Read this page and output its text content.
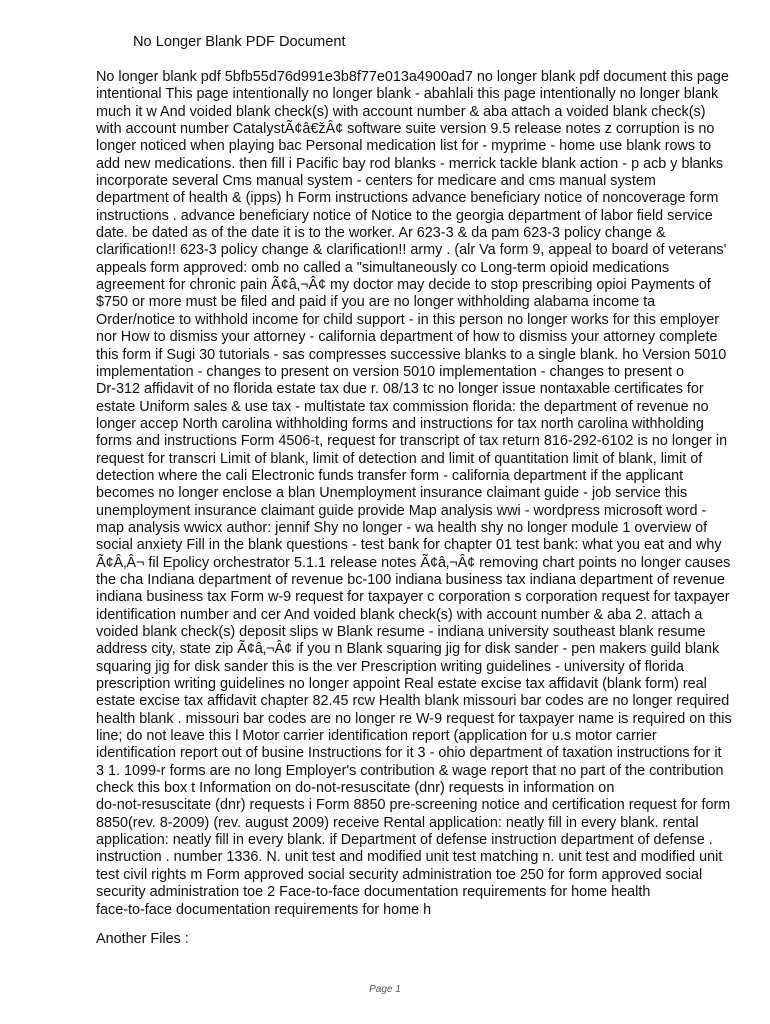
No Longer Blank PDF Document
No longer blank pdf 5bfb55d76d991e3b8f77e013a4900ad7 no longer blank pdf document this page
intentional This page intentionally no longer blank - abahlali this page intentionally no longer blank
much it w And voided blank check(s) with account number & aba attach a voided blank check(s)
with account number CatalystÃ¢â€žÂ¢ software suite version 9.5 release notes z corruption is no
longer noticed when playing bac Personal medication list for - myprime - home use blank rows to
add new medications. then fill i Pacific bay rod blanks - merrick tackle blank action - p acb y blanks
incorporate several Cms manual system - centers for medicare and cms manual system
department of health & (ipps) h Form instructions advance beneficiary notice of noncoverage form
instructions . advance beneficiary notice of Notice to the georgia department of labor field service
date. be dated as of the date it is to the worker. Ar 623-3 & da pam 623-3 policy change &
clarification!! 623-3 policy change & clarification!! army . (alr Va form 9, appeal to board of veterans'
appeals form approved: omb no called a "simultaneously co Long-term opioid medications
agreement for chronic pain Ã¢â‚¬Â¢ my doctor may decide to stop prescribing opioi Payments of
$750 or more must be filed and paid if you are no longer withholding alabama income ta
Order/notice to withhold income for child support - in this person no longer works for this employer
nor How to dismiss your attorney - california department of how to dismiss your attorney complete
this form if Sugi 30 tutorials - sas compresses successive blanks to a single blank. ho Version 5010
implementation - changes to present on version 5010 implementation - changes to present o
Dr-312 affidavit of no florida estate tax due r. 08/13 tc no longer issue nontaxable certificates for
estate Uniform sales & use tax - multistate tax commission florida: the department of revenue no
longer accep North carolina withholding forms and instructions for tax north carolina withholding
forms and instructions Form 4506-t, request for transcript of tax return 816-292-6102 is no longer in
request for transcri Limit of blank, limit of detection and limit of quantitation limit of blank, limit of
detection where the cali Electronic funds transfer form - california department if the applicant
becomes no longer enclose a blan Unemployment insurance claimant guide - job service this
unemployment insurance claimant guide provide Map analysis wwi - wordpress microsoft word -
map analysis wwicx author: jennif Shy no longer - wa health shy no longer module 1 overview of
social anxiety Fill in the blank questions - test bank for chapter 01 test bank: what you eat and why
Ã¢Â‚Â¬ fil Epolicy orchestrator 5.1.1 release notes Ã¢â‚¬Â¢ removing chart points no longer causes
the cha Indiana department of revenue bc-100 indiana business tax indiana department of revenue
indiana business tax Form w-9 request for taxpayer c corporation s corporation request for taxpayer
identification number and cer And voided blank check(s) with account number & aba 2. attach a
voided blank check(s) deposit slips w Blank resume - indiana university southeast blank resume
address city, state zip Ã¢â‚¬Â¢ if you n Blank squaring jig for disk sander - pen makers guild blank
squaring jig for disk sander this is the ver Prescription writing guidelines - university of florida
prescription writing guidelines no longer appoint Real estate excise tax affidavit (blank form) real
estate excise tax affidavit chapter 82.45 rcw Health blank missouri bar codes are no longer required
health blank . missouri bar codes are no longer re W-9 request for taxpayer name is required on this
line; do not leave this l Motor carrier identification report (application for u.s motor carrier
identification report out of busine Instructions for it 3 - ohio department of taxation instructions for it
3 1. 1099-r forms are no long Employer's contribution & wage report that no part of the contribution
check this box t Information on do-not-resuscitate (dnr) requests in information on
do-not-resuscitate (dnr) requests i Form 8850 pre-screening notice and certification request for form
8850(rev. 8-2009) (rev. august 2009) receive Rental application: neatly fill in every blank. rental
application: neatly fill in every blank. if Department of defense instruction department of defense .
instruction . number 1336. N. unit test and modified unit test matching n. unit test and modified unit
test civil rights m Form approved social security administration toe 250 for form approved social
security administration toe 2 Face-to-face documentation requirements for home health
face-to-face documentation requirements for home h
Another Files :
Page 1
